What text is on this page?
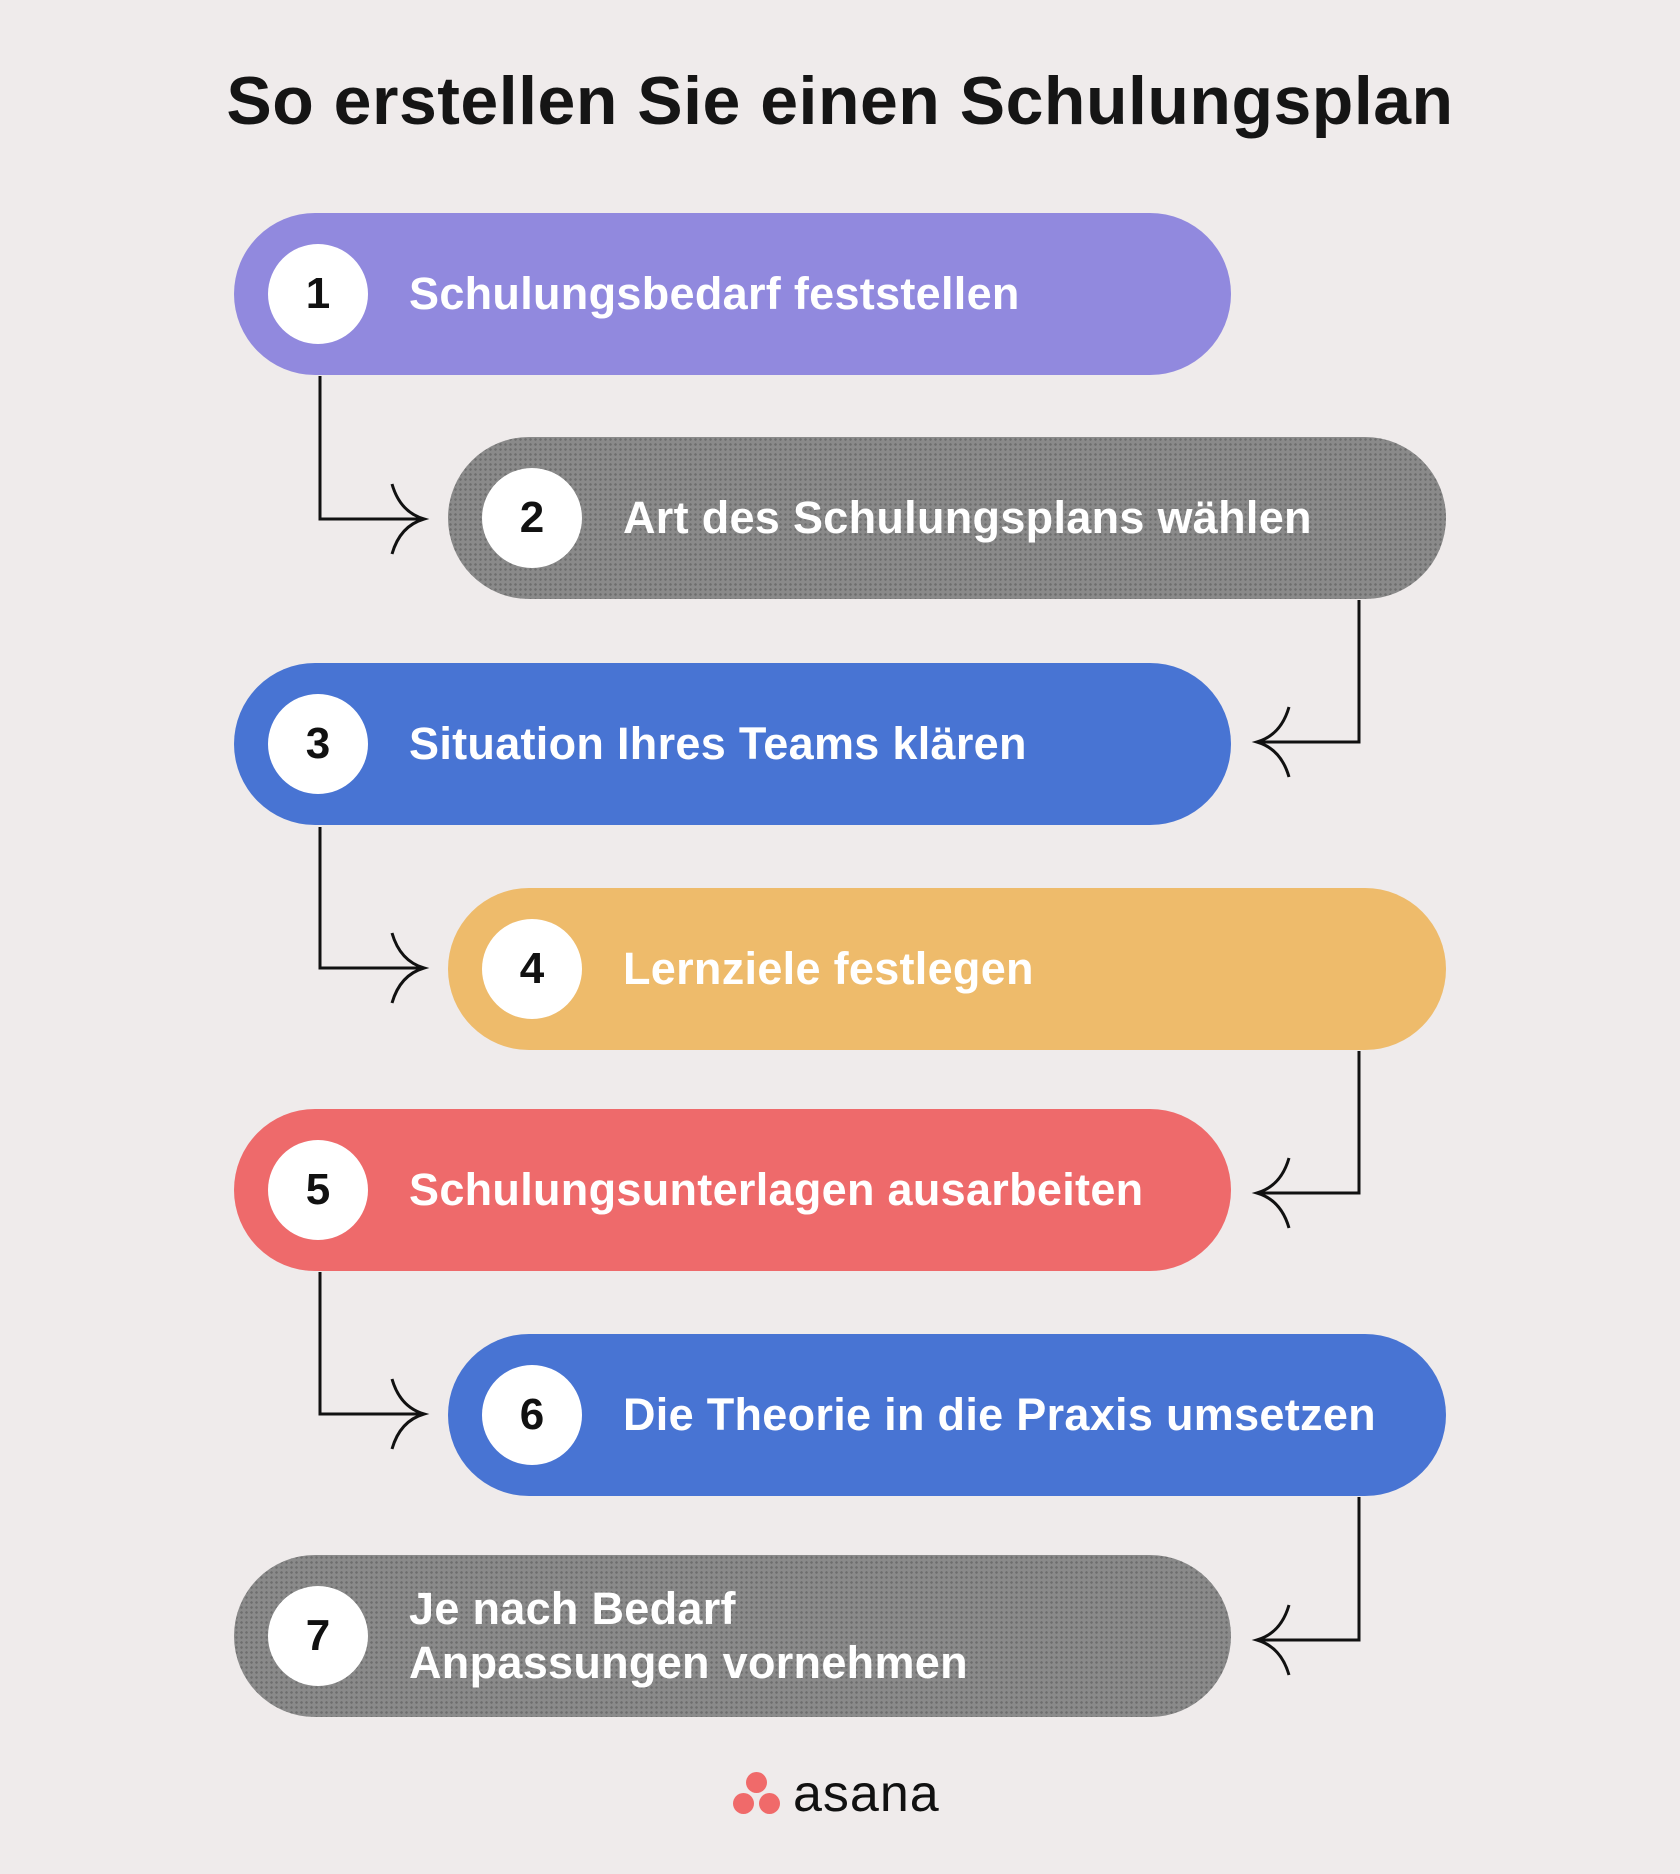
So erstellen Sie einen Schulungsplan
1	Schulungsbedarf feststellen
2	Art des Schulungsplans wählen
3	Situation Ihres Teams klären
4	Lernziele festlegen
5	Schulungsunterlagen ausarbeiten
6	Die Theorie in die Praxis umsetzen
7
Je nach Bedarf
Anpassungen vornehmen
asana
